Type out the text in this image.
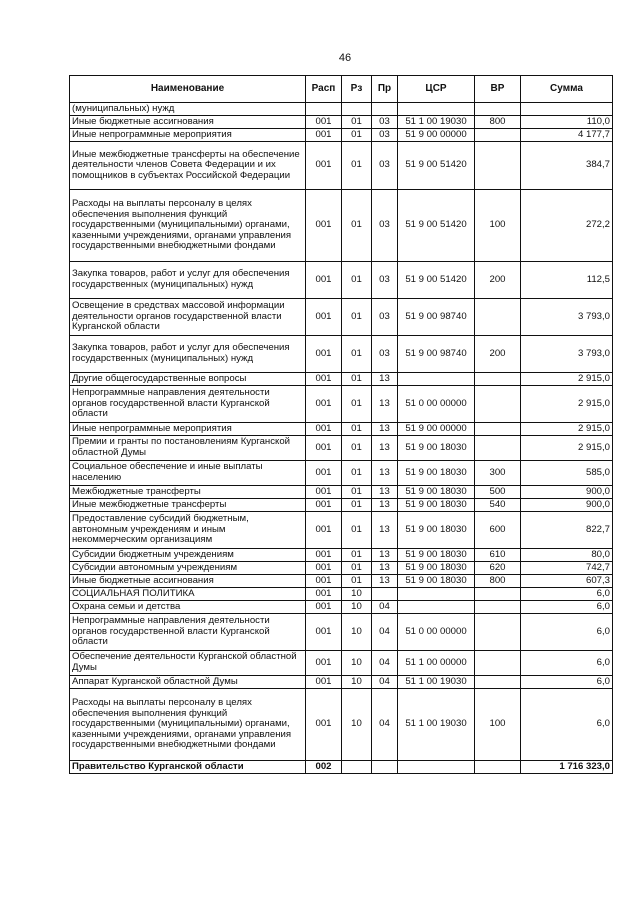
46
Наименование	Расп	Рз	Пр	ЦСР	ВР	Сумма
(муниципальных) нужд						
Иные бюджетные ассигнования	001	01	03	51 1 00 19030	800	110,0
Иные непрограммные мероприятия	001	01	03	51 9 00 00000		4 177,7
Иные межбюджетные трансферты на обеспечение деятельности членов Совета Федерации и их помощников в субъектах Российской Федерации	001	01	03	51 9 00 51420		384,7
Расходы на выплаты персоналу в целях обеспечения выполнения функций государственными (муниципальными) органами, казенными учреждениями, органами управления государственными внебюджетными фондами	001	01	03	51 9 00 51420	100	272,2
Закупка товаров, работ и услуг для обеспечения государственных (муниципальных) нужд	001	01	03	51 9 00 51420	200	112,5
Освещение в средствах массовой информации деятельности органов государственной власти Курганской области	001	01	03	51 9 00 98740		3 793,0
Закупка товаров, работ и услуг для обеспечения государственных (муниципальных) нужд	001	01	03	51 9 00 98740	200	3 793,0
Другие общегосударственные вопросы	001	01	13			2 915,0
Непрограммные направления деятельности органов государственной власти Курганской области	001	01	13	51 0 00 00000		2 915,0
Иные непрограммные мероприятия	001	01	13	51 9 00 00000		2 915,0
Премии и гранты по постановлениям Курганской областной Думы	001	01	13	51 9 00 18030		2 915,0
Социальное обеспечение и иные выплаты населению	001	01	13	51 9 00 18030	300	585,0
Межбюджетные трансферты	001	01	13	51 9 00 18030	500	900,0
Иные межбюджетные трансферты	001	01	13	51 9 00 18030	540	900,0
Предоставление субсидий бюджетным, автономным учреждениям и иным некоммерческим организациям	001	01	13	51 9 00 18030	600	822,7
Субсидии бюджетным учреждениям	001	01	13	51 9 00 18030	610	80,0
Субсидии автономным учреждениям	001	01	13	51 9 00 18030	620	742,7
Иные бюджетные ассигнования	001	01	13	51 9 00 18030	800	607,3
СОЦИАЛЬНАЯ ПОЛИТИКА	001	10				6,0
Охрана семьи и детства	001	10	04			6,0
Непрограммные направления деятельности органов государственной власти Курганской области	001	10	04	51 0 00 00000		6,0
Обеспечение деятельности Курганской областной Думы	001	10	04	51 1 00 00000		6,0
Аппарат Курганской областной Думы	001	10	04	51 1 00 19030		6,0
Расходы на выплаты персоналу в целях обеспечения выполнения функций государственными (муниципальными) органами, казенными учреждениями, органами управления государственными внебюджетными фондами	001	10	04	51 1 00 19030	100	6,0
Правительство Курганской области	002					1 716 323,0
